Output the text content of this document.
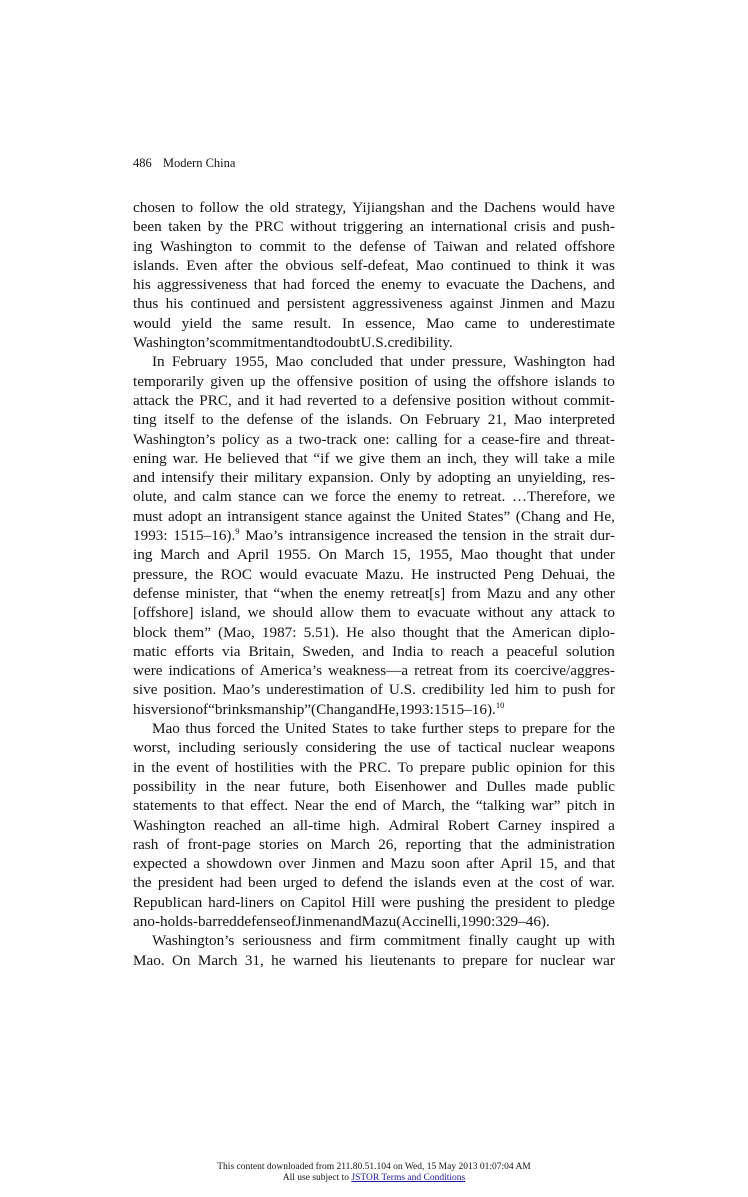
486 Modern China
chosen to follow the old strategy, Yijiangshan and the Dachens would have
been taken by the PRC without triggering an international crisis and push-
ing Washington to commit to the defense of Taiwan and related offshore
islands. Even after the obvious self-defeat, Mao continued to think it was
his aggressiveness that had forced the enemy to evacuate the Dachens, and
thus his continued and persistent aggressiveness against Jinmen and Mazu
would yield the same result. In essence, Mao came to underestimate
Washington’s commitment and to doubt U.S. credibility.
In February 1955, Mao concluded that under pressure, Washington had
temporarily given up the offensive position of using the offshore islands to
attack the PRC, and it had reverted to a defensive position without commit-
ting itself to the defense of the islands. On February 21, Mao interpreted
Washington’s policy as a two-track one: calling for a cease-fire and threat-
ening war. He believed that “if we give them an inch, they will take a mile
and intensify their military expansion. Only by adopting an unyielding, res-
olute, and calm stance can we force the enemy to retreat. …Therefore, we
must adopt an intransigent stance against the United States” (Chang and He,
1993: 1515–16).$^9$ Mao’s intransigence increased the tension in the strait dur-
ing March and April 1955. On March 15, 1955, Mao thought that under
pressure, the ROC would evacuate Mazu. He instructed Peng Dehuai, the
defense minister, that “when the enemy retreat[s] from Mazu and any other
[offshore] island, we should allow them to evacuate without any attack to
block them” (Mao, 1987: 5.51). He also thought that the American diplo-
matic efforts via Britain, Sweden, and India to reach a peaceful solution
were indications of America’s weakness—a retreat from its coercive/aggres-
sive position. Mao’s underestimation of U.S. credibility led him to push for
his version of “brinksmanship” (Chang and He, 1993: 1515–16).$^{10}$
Mao thus forced the United States to take further steps to prepare for the
worst, including seriously considering the use of tactical nuclear weapons
in the event of hostilities with the PRC. To prepare public opinion for this
possibility in the near future, both Eisenhower and Dulles made public
statements to that effect. Near the end of March, the “talking war” pitch in
Washington reached an all-time high. Admiral Robert Carney inspired a
rash of front-page stories on March 26, reporting that the administration
expected a showdown over Jinmen and Mazu soon after April 15, and that
the president had been urged to defend the islands even at the cost of war.
Republican hard-liners on Capitol Hill were pushing the president to pledge
a no-holds-barred defense of Jinmen and Mazu (Accinelli, 1990: 329–46).
Washington’s seriousness and firm commitment finally caught up with
Mao. On March 31, he warned his lieutenants to prepare for nuclear war
This content downloaded from 211.80.51.104 on Wed, 15 May 2013 01:07:04 AM
All use subject to JSTOR Terms and Conditions
